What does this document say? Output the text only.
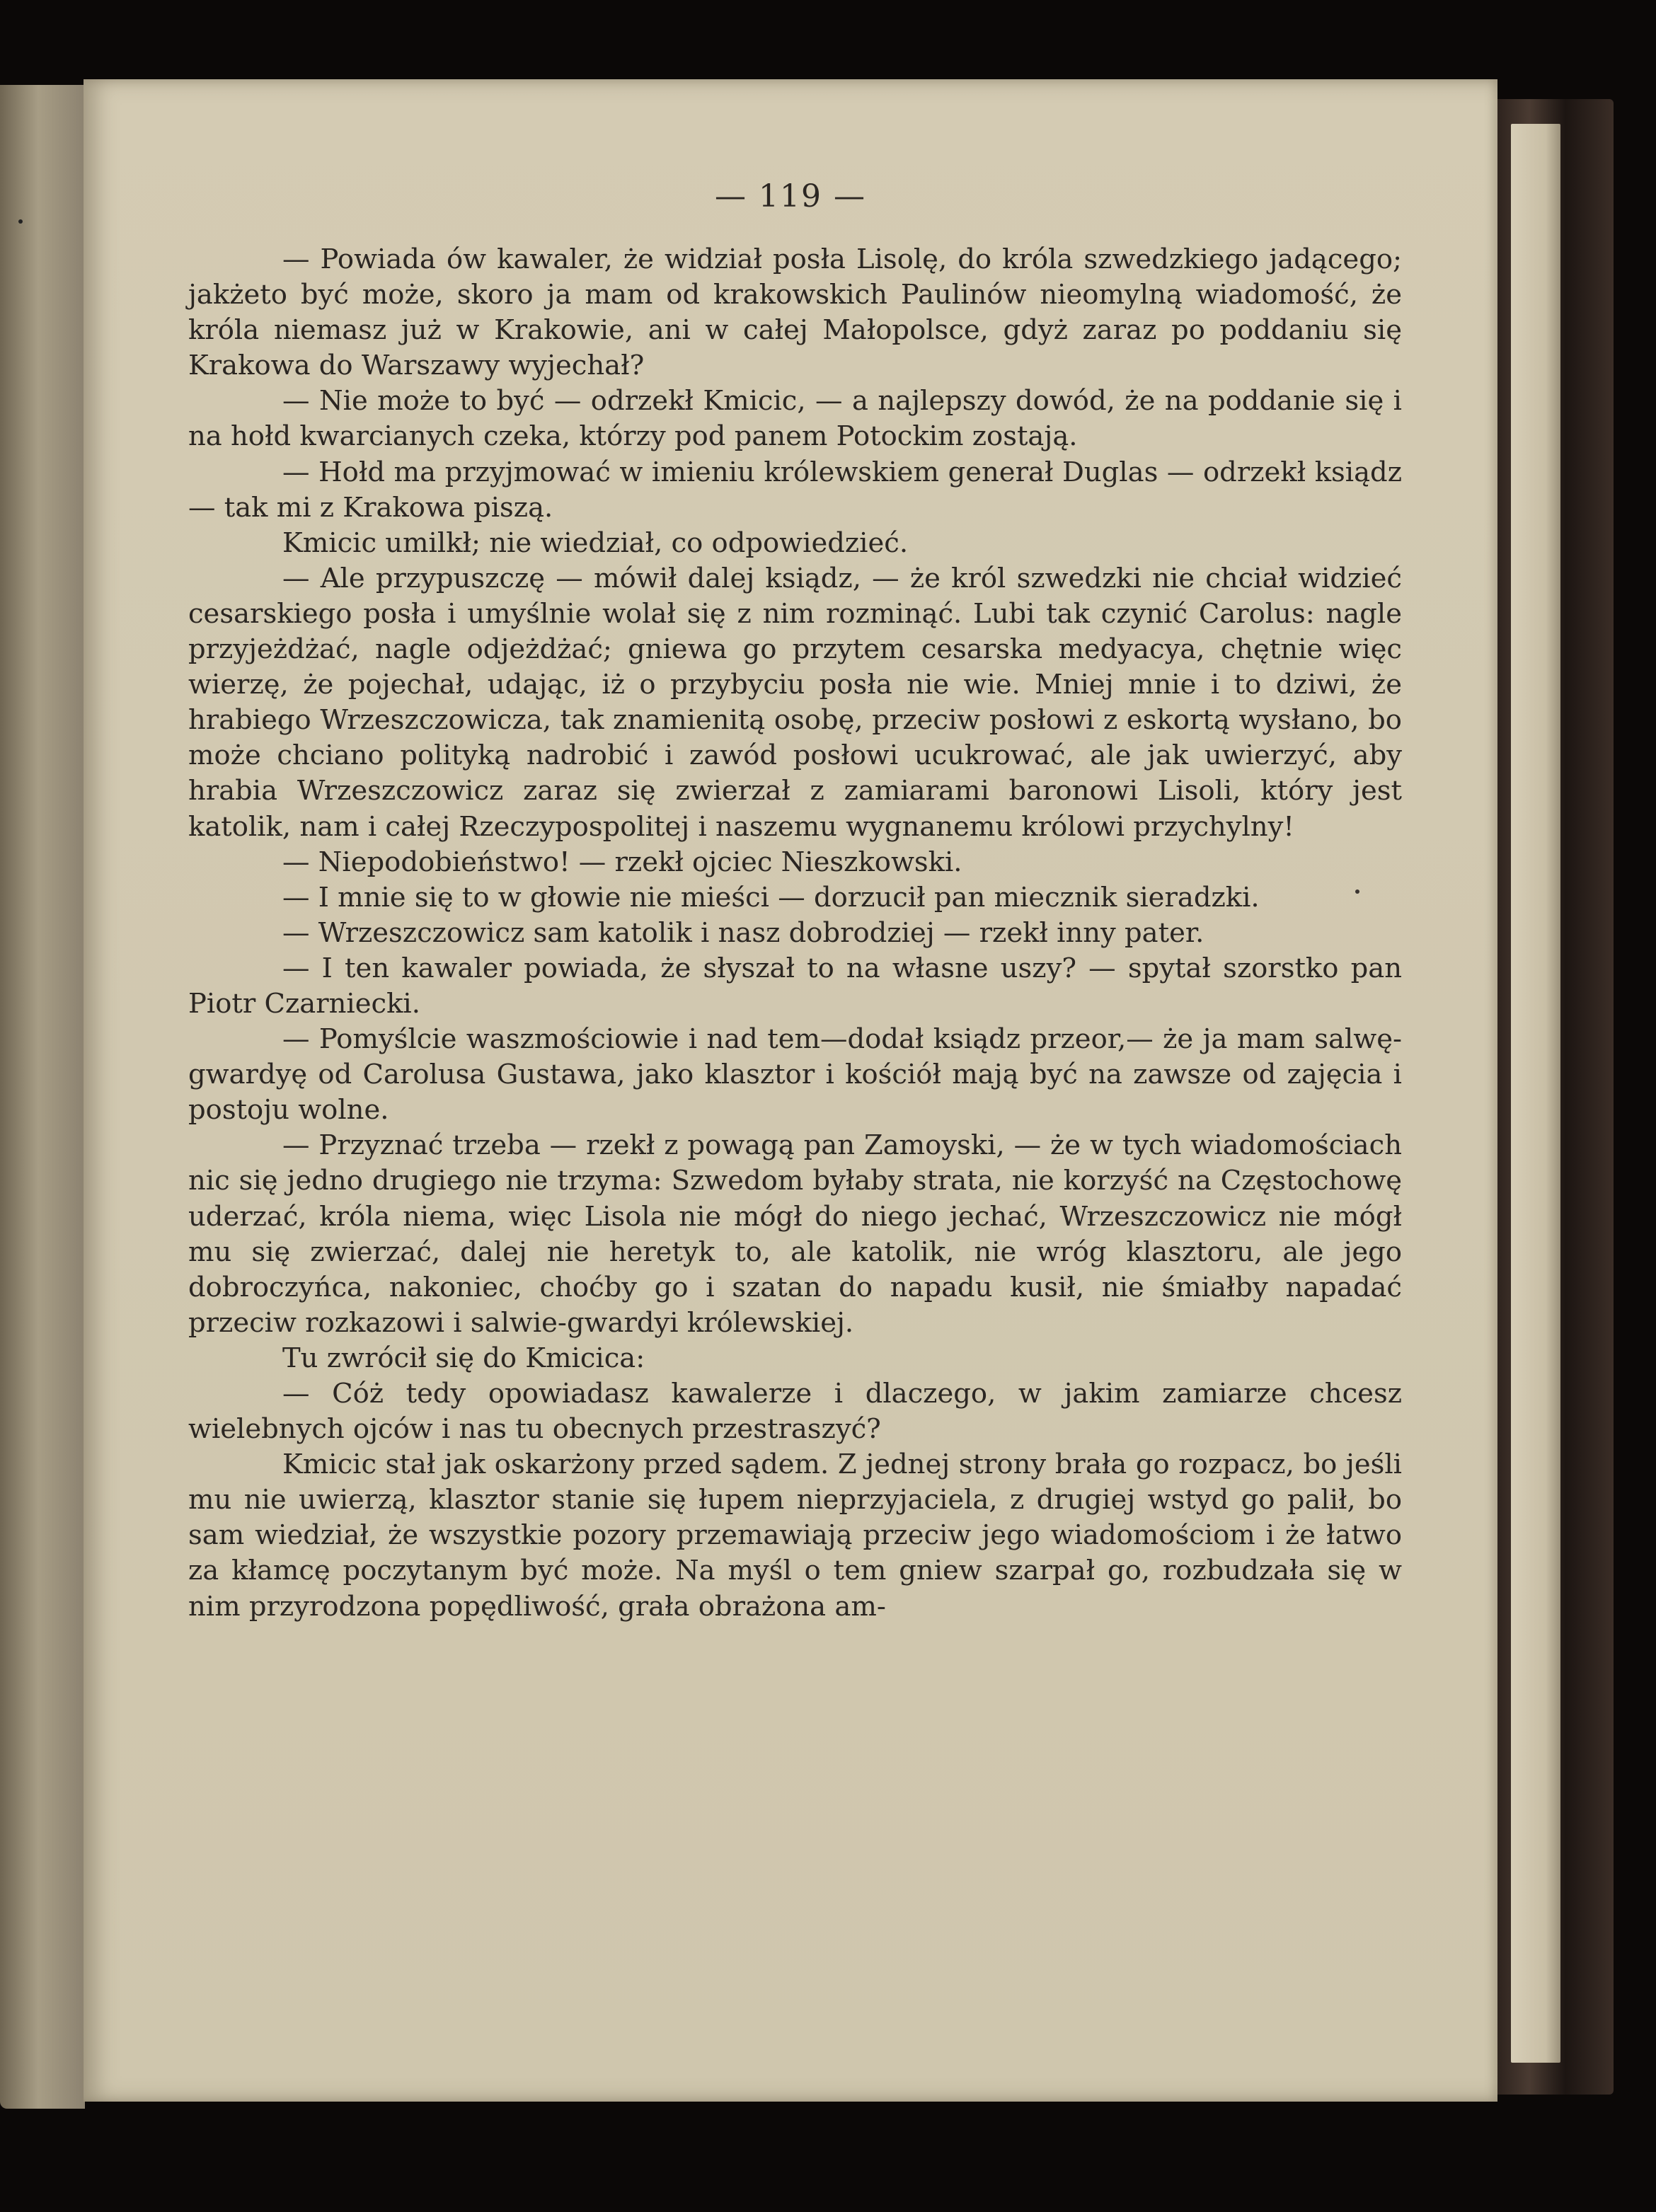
— 119 —

— Powiada ów kawaler, że widział posła Lisolę, do króla szwedzkiego jadącego; jakżeto być może, skoro ja mam od krakowskich Paulinów nieomylną wiadomość, że króla niemasz już w Krakowie, ani w całej Małopolsce, gdyż zaraz po poddaniu się Krakowa do Warszawy wyjechał?

— Nie może to być — odrzekł Kmicic, — a najlepszy dowód, że na poddanie się i na hołd kwarcianych czeka, którzy pod panem Potockim zostają.

— Hołd ma przyjmować w imieniu królewskiem generał Duglas — odrzekł ksiądz — tak mi z Krakowa piszą.

Kmicic umilkł; nie wiedział, co odpowiedzieć.

— Ale przypuszczę — mówił dalej ksiądz, — że król szwedzki nie chciał widzieć cesarskiego posła i umyślnie wolał się z nim rozminąć. Lubi tak czynić Carolus: nagle przyjeżdżać, nagle odjeżdżać; gniewa go przytem cesarska medyacya, chętnie więc wierzę, że pojechał, udając, iż o przybyciu posła nie wie. Mniej mnie i to dziwi, że hrabiego Wrzeszczowicza, tak znamienitą osobę, przeciw posłowi z eskortą wysłano, bo może chciano polityką nadrobić i zawód posłowi ucukrować, ale jak uwierzyć, aby hrabia Wrzeszczowicz zaraz się zwierzał z zamiarami baronowi Lisoli, który jest katolik, nam i całej Rzeczypospolitej i naszemu wygnanemu królowi przychylny!

— Niepodobieństwo! — rzekł ojciec Nieszkowski.

— I mnie się to w głowie nie mieści — dorzucił pan miecznik sieradzki.

— Wrzeszczowicz sam katolik i nasz dobrodziej — rzekł inny pater.

— I ten kawaler powiada, że słyszał to na własne uszy? — spytał szorstko pan Piotr Czarniecki.

— Pomyślcie waszmościowie i nad tem—dodał ksiądz przeor,— że ja mam salwę-gwardyę od Carolusa Gustawa, jako klasztor i kościół mają być na zawsze od zajęcia i postoju wolne.

— Przyznać trzeba — rzekł z powagą pan Zamoyski, — że w tych wiadomościach nic się jedno drugiego nie trzyma: Szwedom byłaby strata, nie korzyść na Częstochowę uderzać, króla niema, więc Lisola nie mógł do niego jechać, Wrzeszczowicz nie mógł mu się zwierzać, dalej nie heretyk to, ale katolik, nie wróg klasztoru, ale jego dobroczyńca, nakoniec, choćby go i szatan do napadu kusił, nie śmiałby napadać przeciw rozkazowi i salwie-gwardyi królewskiej.

Tu zwrócił się do Kmicica:

— Cóż tedy opowiadasz kawalerze i dlaczego, w jakim zamiarze chcesz wielebnych ojców i nas tu obecnych przestraszyć?

Kmicic stał jak oskarżony przed sądem. Z jednej strony brała go rozpacz, bo jeśli mu nie uwierzą, klasztor stanie się łupem nieprzyjaciela, z drugiej wstyd go palił, bo sam wiedział, że wszystkie pozory przemawiają przeciw jego wiadomościom i że łatwo za kłamcę poczytanym być może. Na myśl o tem gniew szarpał go, rozbudzała się w nim przyrodzona popędliwość, grała obrażona am-
